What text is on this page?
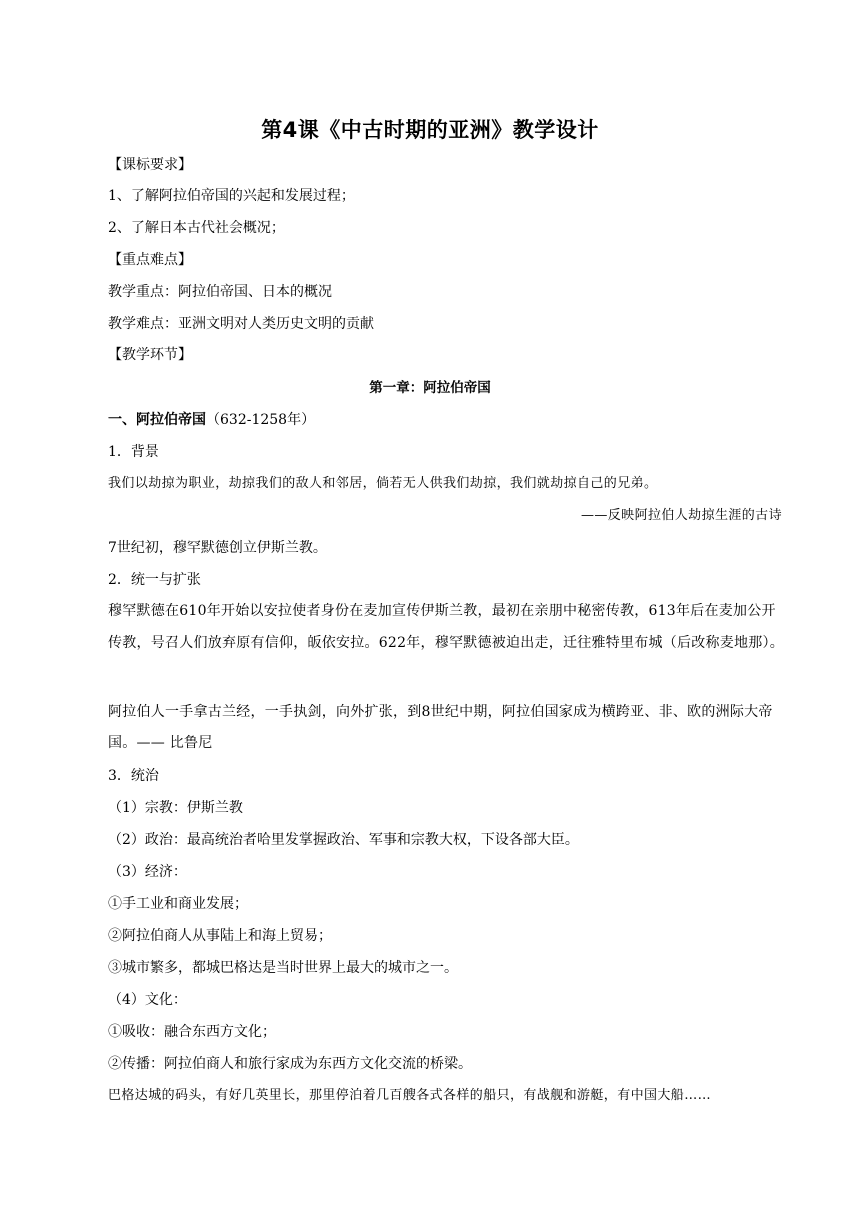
第4课《中古时期的亚洲》教学设计
【课标要求】
1、了解阿拉伯帝国的兴起和发展过程；
2、了解日本古代社会概况；
【重点难点】
教学重点：阿拉伯帝国、日本的概况
教学难点：亚洲文明对人类历史文明的贡献
【教学环节】
第一章：阿拉伯帝国
一、阿拉伯帝国（632-1258年）
1．背景
我们以劫掠为职业，劫掠我们的敌人和邻居，倘若无人供我们劫掠，我们就劫掠自己的兄弟。
——反映阿拉伯人劫掠生涯的古诗
7世纪初，穆罕默德创立伊斯兰教。
2．统一与扩张
穆罕默德在610年开始以安拉使者身份在麦加宣传伊斯兰教，最初在亲朋中秘密传教，613年后在麦加公开传教，号召人们放弃原有信仰，皈依安拉。622年，穆罕默德被迫出走，迁往雅特里布城（后改称麦地那）。
阿拉伯人一手拿古兰经，一手执剑，向外扩张，到8世纪中期，阿拉伯国家成为横跨亚、非、欧的洲际大帝国。—— 比鲁尼
3．统治
（1）宗教：伊斯兰教
（2）政治：最高统治者哈里发掌握政治、军事和宗教大权，下设各部大臣。
（3）经济：
①手工业和商业发展；
②阿拉伯商人从事陆上和海上贸易；
③城市繁多，都城巴格达是当时世界上最大的城市之一。
（4）文化：
①吸收：融合东西方文化；
②传播：阿拉伯商人和旅行家成为东西方文化交流的桥梁。
巴格达城的码头，有好几英里长，那里停泊着几百艘各式各样的船只，有战舰和游艇，有中国大船……
